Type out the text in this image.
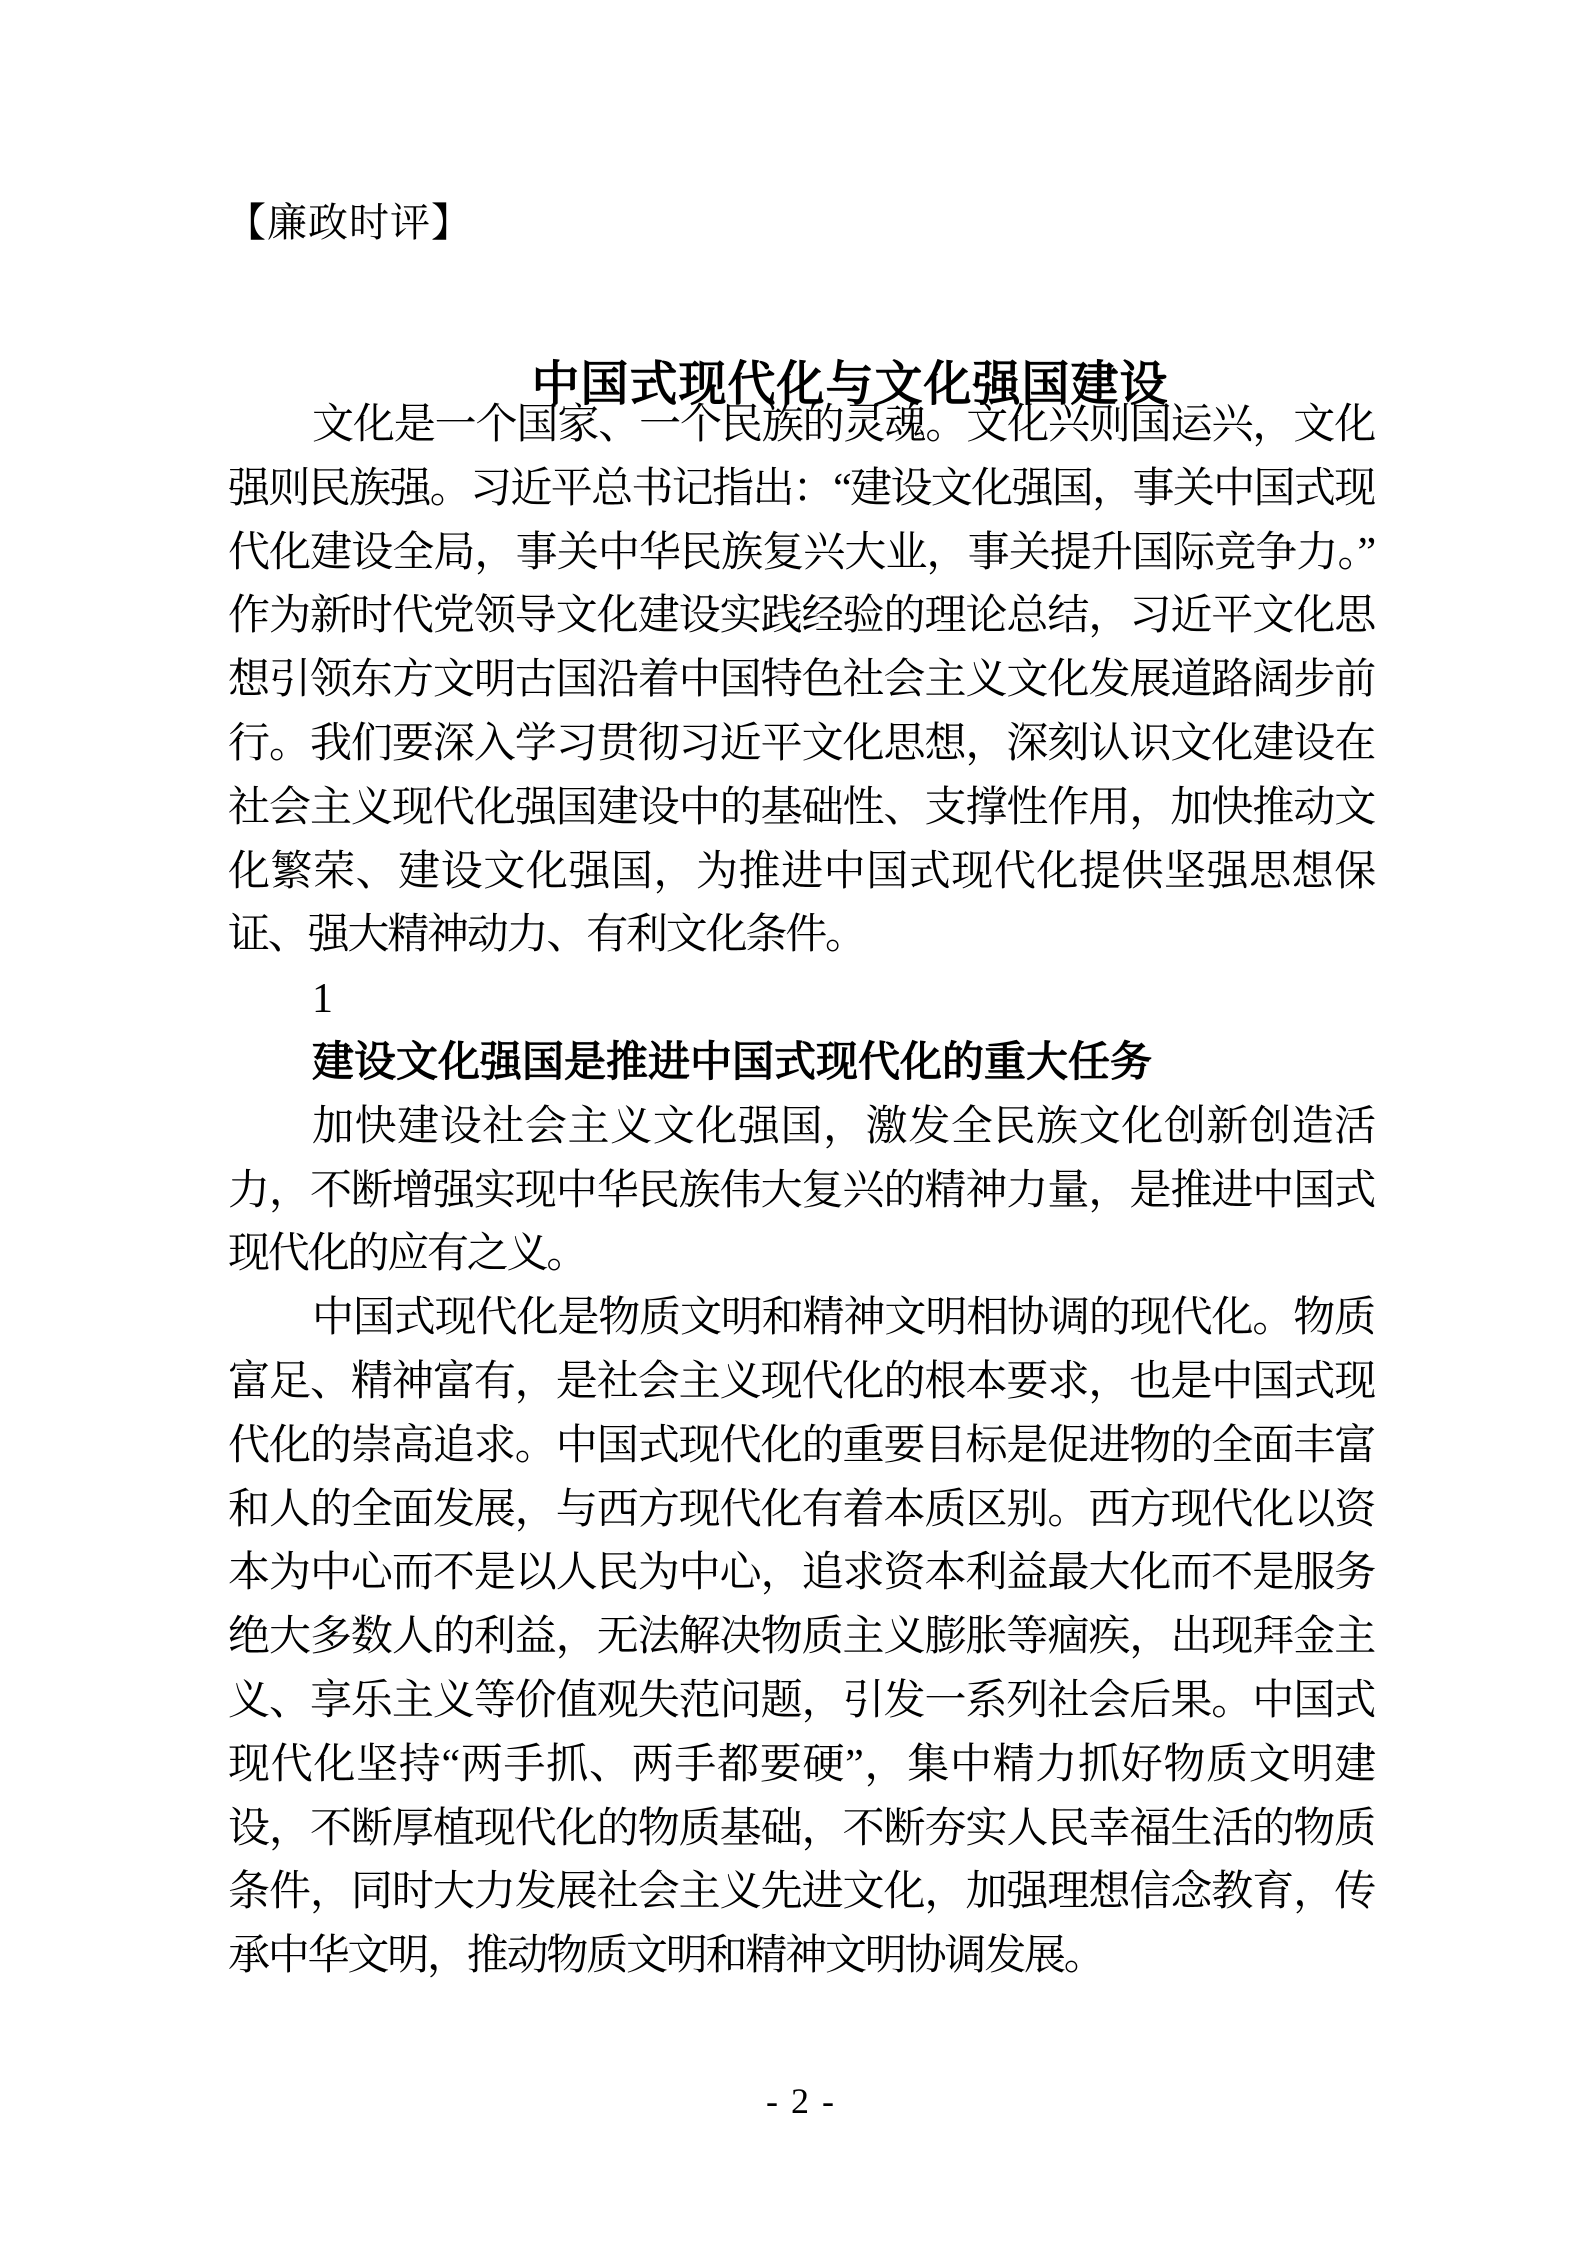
【廉政时评】
中国式现代化与文化强国建设

文化是一个国家、一个民族的灵魂。文化兴则国运兴，文化强则民族强。习近平总书记指出：“建设文化强国，事关中国式现代化建设全局，事关中华民族复兴大业，事关提升国际竞争力。”作为新时代党领导文化建设实践经验的理论总结，习近平文化思想引领东方文明古国沿着中国特色社会主义文化发展道路阔步前行。我们要深入学习贯彻习近平文化思想，深刻认识文化建设在社会主义现代化强国建设中的基础性、支撑性作用，加快推动文化繁荣、建设文化强国，为推进中国式现代化提供坚强思想保证、强大精神动力、有利文化条件。

1

建设文化强国是推进中国式现代化的重大任务

加快建设社会主义文化强国，激发全民族文化创新创造活力，不断增强实现中华民族伟大复兴的精神力量，是推进中国式现代化的应有之义。

中国式现代化是物质文明和精神文明相协调的现代化。物质富足、精神富有，是社会主义现代化的根本要求，也是中国式现代化的崇高追求。中国式现代化的重要目标是促进物的全面丰富和人的全面发展，与西方现代化有着本质区别。西方现代化以资本为中心而不是以人民为中心，追求资本利益最大化而不是服务绝大多数人的利益，无法解决物质主义膨胀等痼疾，出现拜金主义、享乐主义等价值观失范问题，引发一系列社会后果。中国式现代化坚持“两手抓、两手都要硬”，集中精力抓好物质文明建设，不断厚植现代化的物质基础，不断夯实人民幸福生活的物质条件，同时大力发展社会主义先进文化，加强理想信念教育，传承中华文明，推动物质文明和精神文明协调发展。

- 2 -
